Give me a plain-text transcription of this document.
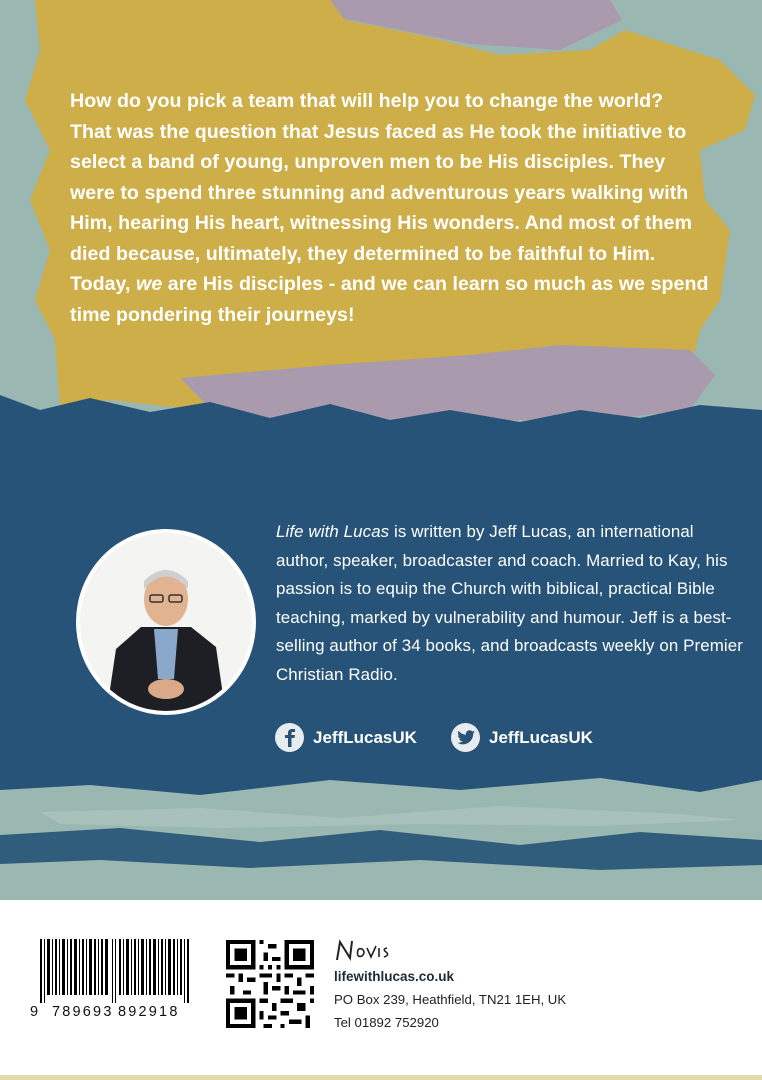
How do you pick a team that will help you to change the world? That was the question that Jesus faced as He took the initiative to select a band of young, unproven men to be His disciples. They were to spend three stunning and adventurous years walking with Him, hearing His heart, witnessing His wonders. And most of them died because, ultimately, they determined to be faithful to Him. Today, we are His disciples - and we can learn so much as we spend time pondering their journeys!

Life with Lucas is written by Jeff Lucas, an international author, speaker, broadcaster and coach. Married to Kay, his passion is to equip the Church with biblical, practical Bible teaching, marked by vulnerability and humour. Jeff is a best-selling author of 34 books, and broadcasts weekly on Premier Christian Radio.

JeffLucasUK	JeffLucasUK
9 789693 892918
lifewithlucas.co.uk
PO Box 239, Heathfield, TN21 1EH, UK
Tel 01892 752920
